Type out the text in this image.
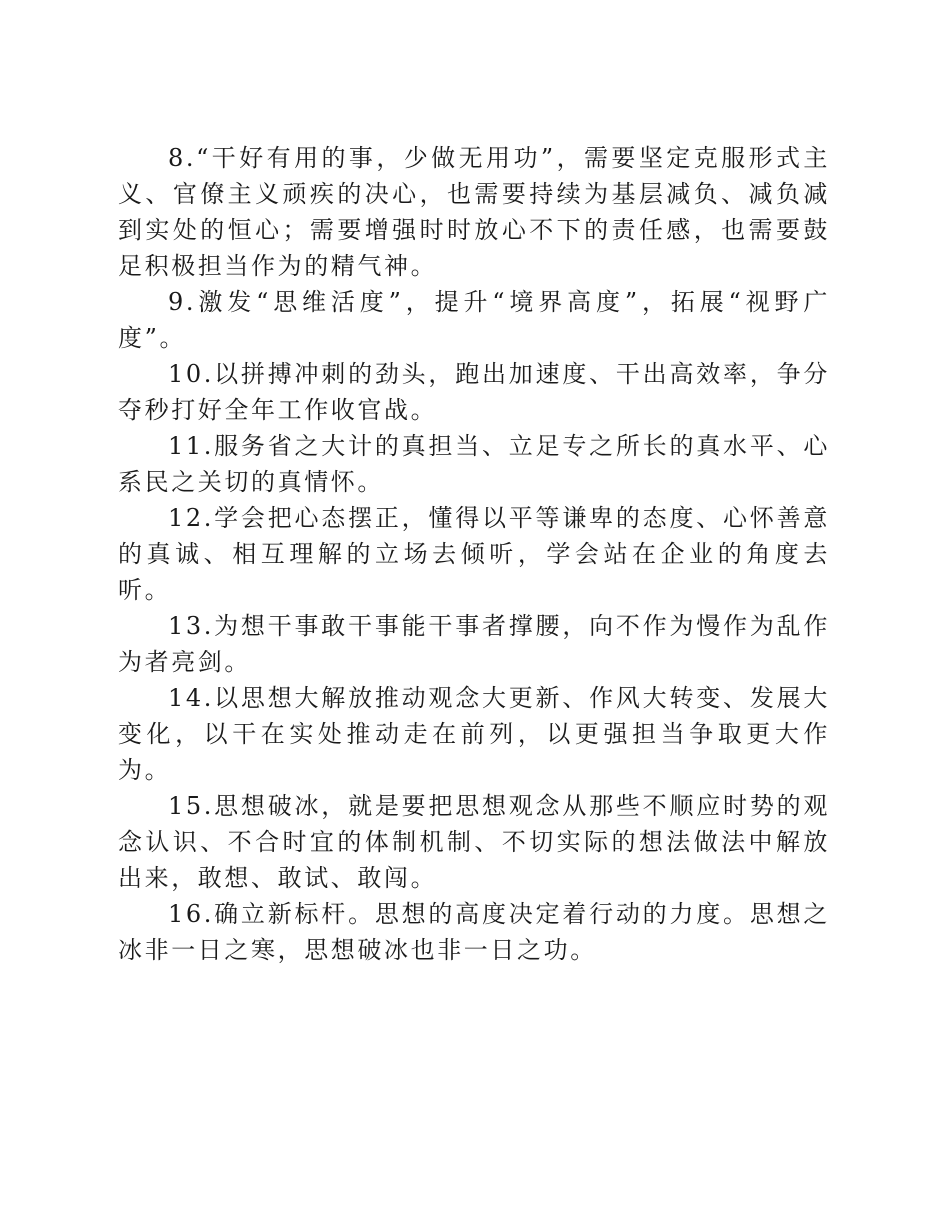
8.“干好有用的事，少做无用功”，需要坚定克服形式主义、官僚主义顽疾的决心，也需要持续为基层减负、减负减到实处的恒心；需要增强时时放心不下的责任感，也需要鼓足积极担当作为的精气神。

9.激发“思维活度”，提升“境界高度”，拓展“视野广度”。

10.以拼搏冲刺的劲头，跑出加速度、干出高效率，争分夺秒打好全年工作收官战。

11.服务省之大计的真担当、立足专之所长的真水平、心系民之关切的真情怀。

12.学会把心态摆正，懂得以平等谦卑的态度、心怀善意的真诚、相互理解的立场去倾听，学会站在企业的角度去听。

13.为想干事敢干事能干事者撑腰，向不作为慢作为乱作为者亮剑。

14.以思想大解放推动观念大更新、作风大转变、发展大变化，以干在实处推动走在前列，以更强担当争取更大作为。

15.思想破冰，就是要把思想观念从那些不顺应时势的观念认识、不合时宜的体制机制、不切实际的想法做法中解放出来，敢想、敢试、敢闯。

16.确立新标杆。思想的高度决定着行动的力度。思想之冰非一日之寒，思想破冰也非一日之功。
